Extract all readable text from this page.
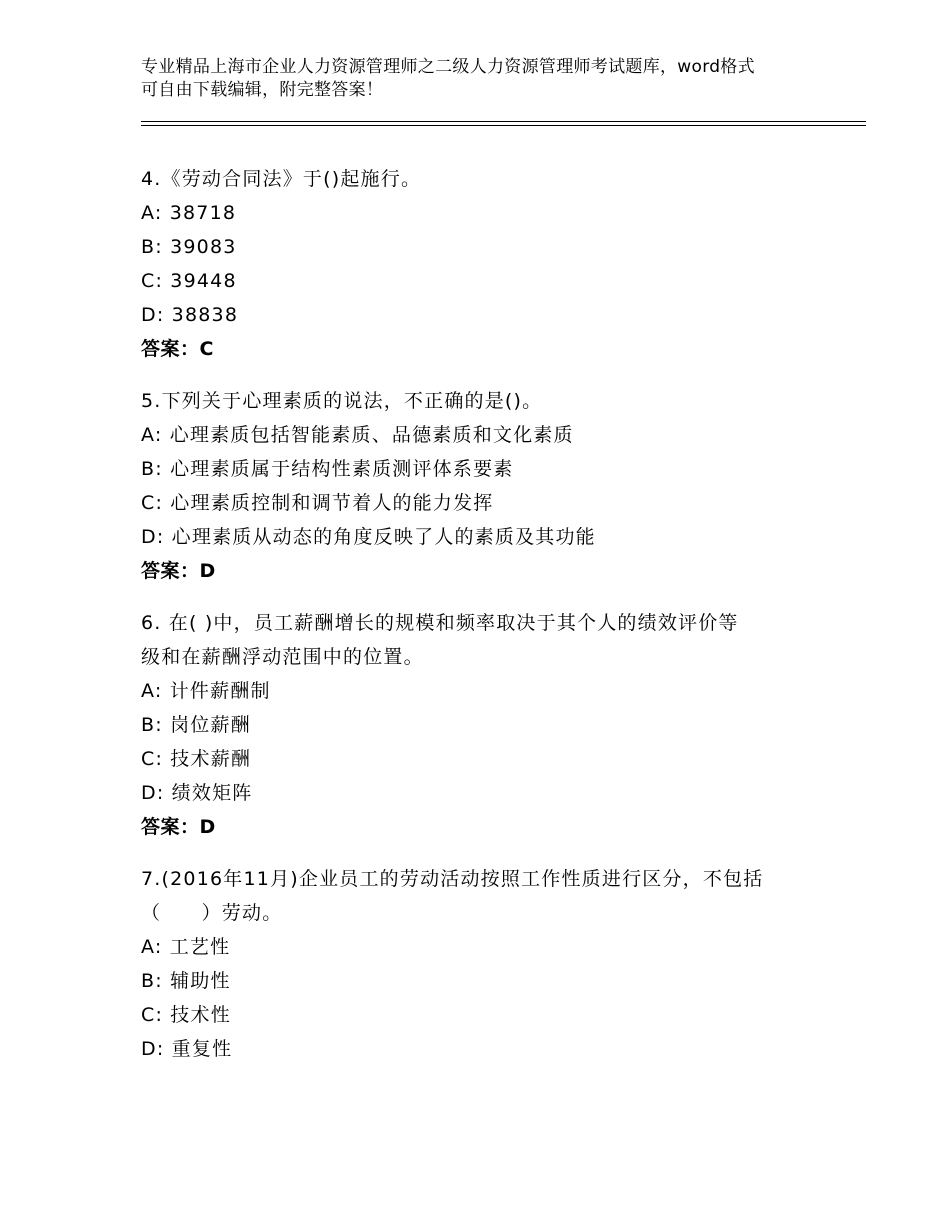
专业精品上海市企业人力资源管理师之二级人力资源管理师考试题库，word格式
可自由下载编辑，附完整答案！
4.《劳动合同法》于()起施行。
A: 38718
B: 39083
C: 39448
D: 38838
答案：C
5.下列关于心理素质的说法，不正确的是()。
A: 心理素质包括智能素质、品德素质和文化素质
B: 心理素质属于结构性素质测评体系要素
C: 心理素质控制和调节着人的能力发挥
D: 心理素质从动态的角度反映了人的素质及其功能
答案：D
6. 在( )中，员工薪酬增长的规模和频率取决于其个人的绩效评价等
级和在薪酬浮动范围中的位置。
A: 计件薪酬制
B: 岗位薪酬
C: 技术薪酬
D: 绩效矩阵
答案：D
7.(2016年11月)企业员工的劳动活动按照工作性质进行区分，不包括
（　　）劳动。
A: 工艺性
B: 辅助性
C: 技术性
D: 重复性
